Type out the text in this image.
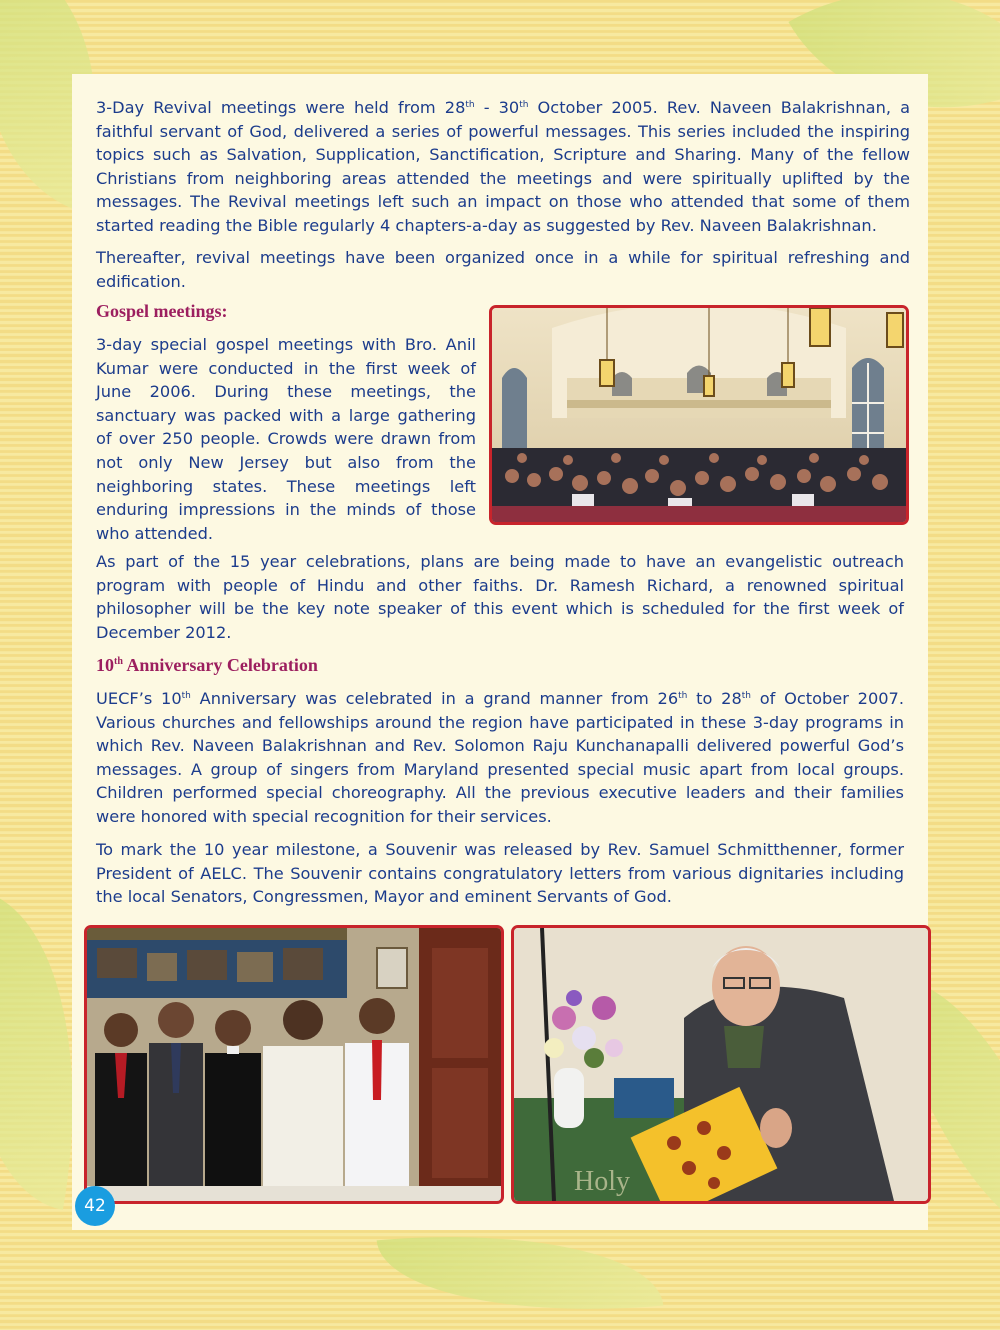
3-Day Revival meetings were held from 28th - 30th October 2005. Rev. Naveen Balakrishnan, a faithful servant of God, delivered a series of powerful messages. This series included the inspiring topics such as Salvation, Supplication, Sanctification, Scripture and Sharing. Many of the fellow Christians from neighboring areas attended the meetings and were spiritually uplifted by the messages. The Revival meetings left such an impact on those who attended that some of them started reading the Bible regularly 4 chapters-a-day as suggested by Rev. Naveen Balakrishnan.

Thereafter, revival meetings have been organized once in a while for spiritual refreshing and edification.

Gospel meetings:

3-day special gospel meetings with Bro. Anil Kumar were conducted in the first week of June 2006. During these meetings, the sanctuary was packed with a large gathering of over 250 people. Crowds were drawn from not only New Jersey but also from the neighboring states. These meetings left enduring impressions in the minds of those who attended.

As part of the 15 year celebrations, plans are being made to have an evangelistic outreach program with people of Hindu and other faiths. Dr. Ramesh Richard, a renowned spiritual philosopher will be the key note speaker of this event which is scheduled for the first week of December 2012.

10th Anniversary Celebration

UECF’s 10th Anniversary was celebrated in a grand manner from 26th to 28th of October 2007. Various churches and fellowships around the region have participated in these 3-day programs in which Rev. Naveen Balakrishnan and Rev. Solomon Raju Kunchanapalli delivered powerful God’s messages. A group of singers from Maryland presented special music apart from local groups. Children performed special choreography. All the previous executive leaders and their families were honored with special recognition for their services.

To mark the 10 year milestone, a Souvenir was released by Rev. Samuel Schmitthenner, former President of AELC. The Souvenir contains congratulatory letters from various dignitaries including the local Senators, Congressmen, Mayor and eminent Servants of God.

Holy
42
